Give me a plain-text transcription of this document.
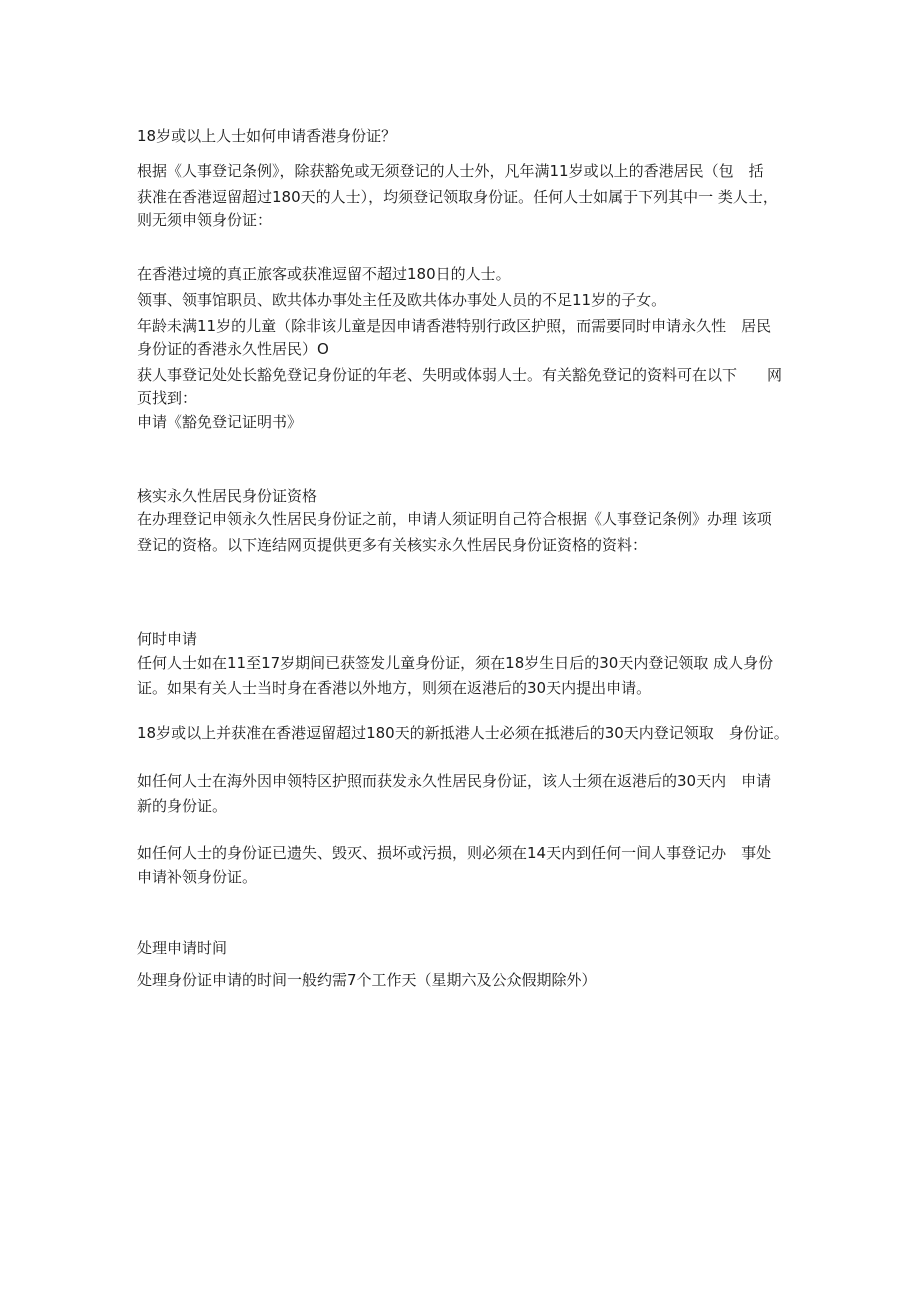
18岁或以上人士如何申请香港身份证？

根据《人事登记条例》，除获豁免或无须登记的人士外，凡年满11岁或以上的香港居民（包　括

获准在香港逗留超过180天的人士），均须登记领取身份证。任何人士如属于下列其中一 类人士，

则无须申领身份证：

在香港过境的真正旅客或获准逗留不超过180日的人士。

领事、领事馆职员、欧共体办事处主任及欧共体办事处人员的不足11岁的子女。

年龄未满11岁的儿童（除非该儿童是因申请香港特别行政区护照，而需要同时申请永久性　居民

身份证的香港永久性居民）O

获人事登记处处长豁免登记身份证的年老、失明或体弱人士。有关豁免登记的资料可在以下　　网

页找到：

申请《豁免登记证明书》

核实永久性居民身份证资格

在办理登记申领永久性居民身份证之前，申请人须证明自己符合根据《人事登记条例》办理 该项

登记的资格。以下连结网页提供更多有关核实永久性居民身份证资格的资料：

何时申请

任何人士如在11至17岁期间已获签发儿童身份证，须在18岁生日后的30天内登记领取 成人身份

证。如果有关人士当时身在香港以外地方，则须在返港后的30天内提出申请。

18岁或以上并获准在香港逗留超过180天的新抵港人士必须在抵港后的30天内登记领取　身份证。

如任何人士在海外因申领特区护照而获发永久性居民身份证，该人士须在返港后的30天内　申请

新的身份证。

如任何人士的身份证已遗失、毁灭、损坏或污损，则必须在14天内到任何一间人事登记办　事处

申请补领身份证。

处理申请时间

处理身份证申请的时间一般约需7个工作天（星期六及公众假期除外）
